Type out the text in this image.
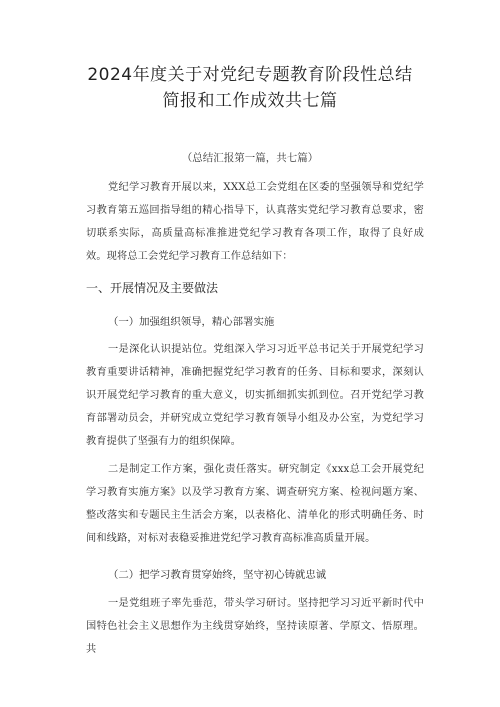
2024年度关于对党纪专题教育阶段性总结
简报和工作成效共七篇
（总结汇报第一篇，共七篇）
党纪学习教育开展以来，XXX总工会党组在区委的坚强领导和党纪学习教育第五巡回指导组的精心指导下，认真落实党纪学习教育总要求，密切联系实际，高质量高标准推进党纪学习教育各项工作，取得了良好成效。现将总工会党纪学习教育工作总结如下：
一、开展情况及主要做法
（一）加强组织领导，精心部署实施
一是深化认识提站位。党组深入学习习近平总书记关于开展党纪学习教育重要讲话精神，准确把握党纪学习教育的任务、目标和要求，深刻认识开展党纪学习教育的重大意义，切实抓细抓实抓到位。召开党纪学习教育部署动员会，并研究成立党纪学习教育领导小组及办公室，为党纪学习教育提供了坚强有力的组织保障。
二是制定工作方案，强化责任落实。研究制定《xxx总工会开展党纪学习教育实施方案》以及学习教育方案、调查研究方案、检视问题方案、整改落实和专题民主生活会方案，以表格化、清单化的形式明确任务、时间和线路，对标对表稳妥推进党纪学习教育高标准高质量开展。
（二）把学习教育贯穿始终，坚守初心铸就忠诚
一是党组班子率先垂范，带头学习研讨。坚持把学习习近平新时代中国特色社会主义思想作为主线贯穿始终，坚持读原著、学原文、悟原理。共
